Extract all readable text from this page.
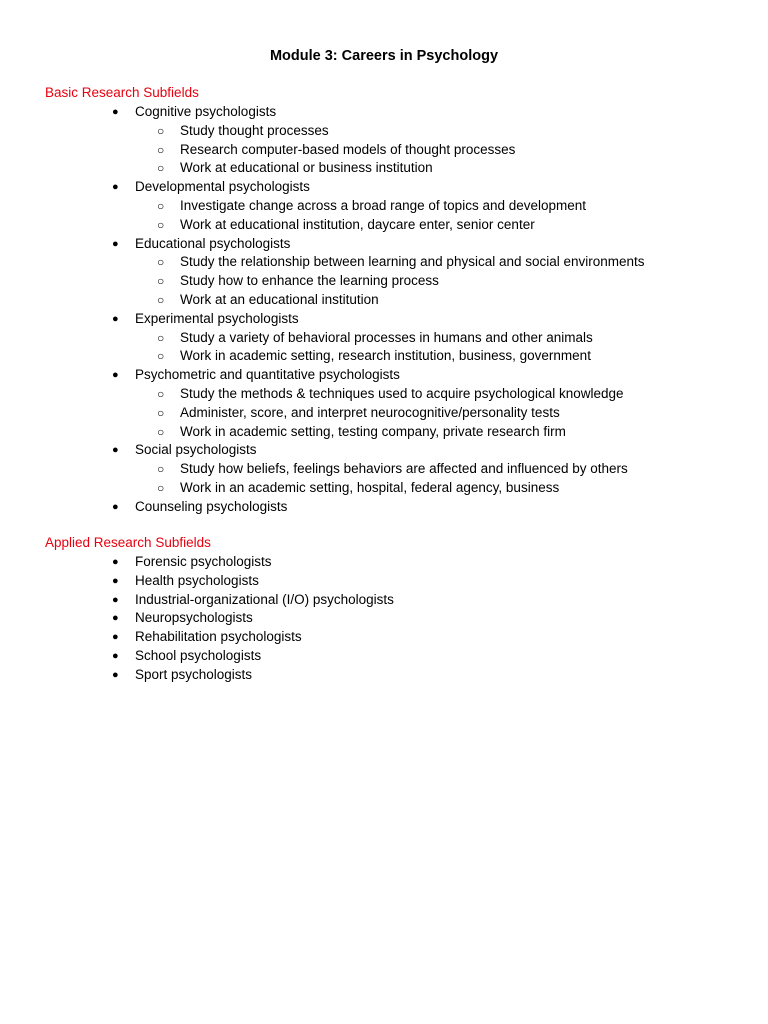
Module 3: Careers in Psychology
Basic Research Subfields
● Cognitive psychologists
○ Study thought processes
○ Research computer-based models of thought processes
○ Work at educational or business institution
● Developmental psychologists
○ Investigate change across a broad range of topics and development
○ Work at educational institution, daycare enter, senior center
● Educational psychologists
○ Study the relationship between learning and physical and social environments
○ Study how to enhance the learning process
○ Work at an educational institution
● Experimental psychologists
○ Study a variety of behavioral processes in humans and other animals
○ Work in academic setting, research institution, business, government
● Psychometric and quantitative psychologists
○ Study the methods & techniques used to acquire psychological knowledge
○ Administer, score, and interpret neurocognitive/personality tests
○ Work in academic setting, testing company, private research firm
● Social psychologists
○ Study how beliefs, feelings behaviors are affected and influenced by others
○ Work in an academic setting, hospital, federal agency, business
● Counseling psychologists
Applied Research Subfields
● Forensic psychologists
● Health psychologists
● Industrial-organizational (I/O) psychologists
● Neuropsychologists
● Rehabilitation psychologists
● School psychologists
● Sport psychologists
